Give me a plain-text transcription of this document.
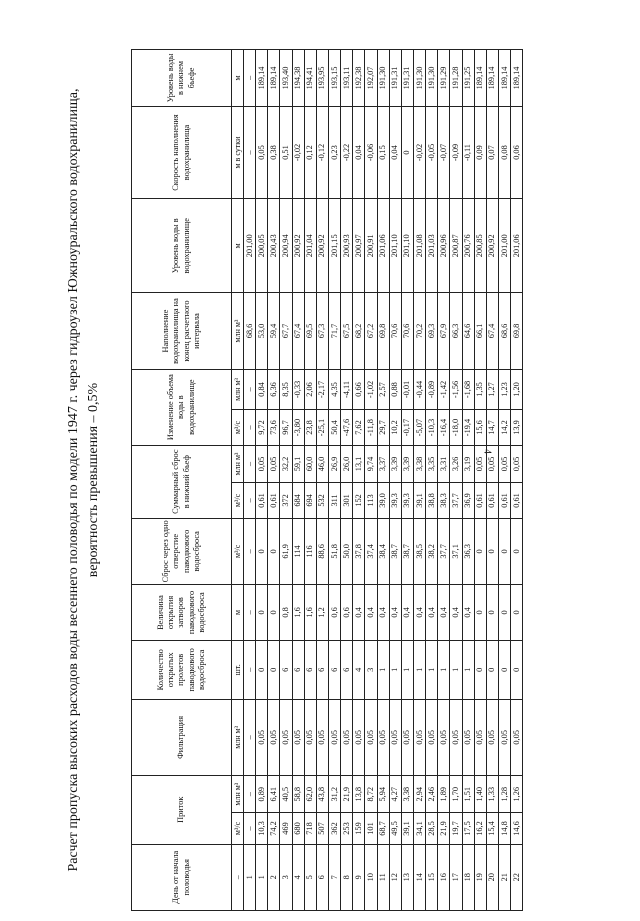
4
Расчет пропуска высоких расходов воды весеннего половодья по модели 1947 г. через гидроузел Южноуральского водохранилища, вероятность превышения – 0,5%
День от начала половодья	Приток		Фильтрация	Количество открытых пролетов паводкового водосброса	Величина открытия затворов паводкового водосброса	Сброс через одно отверстие паводкового водосброса	Суммарный сброс в нижний бьеф		Изменение объема воды в водохранилище		Наполнение водохранилища на конец расчетного интервала	Уровень воды в водохранилище	Скорость наполнения водохранилища	Уровень воды в нижнем бьефе
–	м³/с	млн м³	млн м³	шт.	м	м³/с	м³/с	млн м³	м³/с	млн м³	млн м³	м	м в сутки	м
1	–	–	–	–	–	–	–	–	–	–	68,6	201,00	–	–
1	10,3	0,89	0,05	0	0	0	0,61	0,05	9,72	0,84	53,0	200,05	0,05	189,14
2	74,2	6,41	0,05	0	0	0	0,61	0,05	73,6	6,36	59,4	200,43	0,38	189,14
3	469	40,5	0,05	6	0,8	61,9	372	32,2	96,7	8,35	67,7	200,94	0,51	193,40
4	680	58,8	0,05	6	1,6	114	684	59,1	-3,80	-0,33	67,4	200,92	-0,02	194,38
5	718	62,0	0,05	6	1,6	116	694	60,0	23,8	2,06	69,5	201,04	0,12	194,41
6	507	43,8	0,05	6	1,2	88,6	532	46,0	-25,1	-2,17	67,3	200,92	-0,12	193,95
7	362	31,2	0,05	6	0,6	51,8	311	26,9	50,4	4,35	71,7	201,15	0,23	193,15
8	253	21,9	0,05	6	0,6	50,0	301	26,0	-47,6	-4,11	67,5	200,93	-0,22	193,11
9	159	13,8	0,05	4	0,4	37,8	152	13,1	7,62	0,66	68,2	200,97	0,04	192,38
10	101	8,72	0,05	3	0,4	37,4	113	9,74	-11,8	-1,02	67,2	200,91	-0,06	192,07
11	68,7	5,94	0,05	1	0,4	38,4	39,0	3,37	29,7	2,57	69,8	201,06	0,15	191,30
12	49,5	4,27	0,05	1	0,4	38,7	39,3	3,39	10,2	0,88	70,6	201,10	0,04	191,31
13	39,1	3,38	0,05	1	0,4	38,7	39,3	3,39	-0,17	-0,01	70,6	201,10	0	191,31
14	34,1	2,94	0,05	1	0,4	38,5	39,1	3,38	-5,07	-0,44	70,2	201,08	-0,02	191,30
15	28,5	2,46	0,05	1	0,4	38,2	38,8	3,35	-10,3	-0,89	69,3	201,03	-0,05	191,30
16	21,9	1,89	0,05	1	0,4	37,7	38,3	3,31	-16,4	-1,42	67,9	200,96	-0,07	191,29
17	19,7	1,70	0,05	1	0,4	37,1	37,7	3,26	-18,0	-1,56	66,3	200,87	-0,09	191,28
18	17,5	1,51	0,05	1	0,4	36,3	36,9	3,19	-19,4	-1,68	64,6	200,76	-0,11	191,25
19	16,2	1,40	0,05	0	0	0	0,61	0,05	15,6	1,35	66,1	200,85	0,09	189,14
20	15,4	1,33	0,05	0	0	0	0,61	0,05	14,7	1,27	67,4	200,92	0,07	189,14
21	14,8	1,28	0,05	0	0	0	0,61	0,05	14,2	1,23	68,6	201,00	0,08	189,14
22	14,6	1,26	0,05	0	0	0	0,61	0,05	13,9	1,20	69,8	201,06	0,06	189,14
